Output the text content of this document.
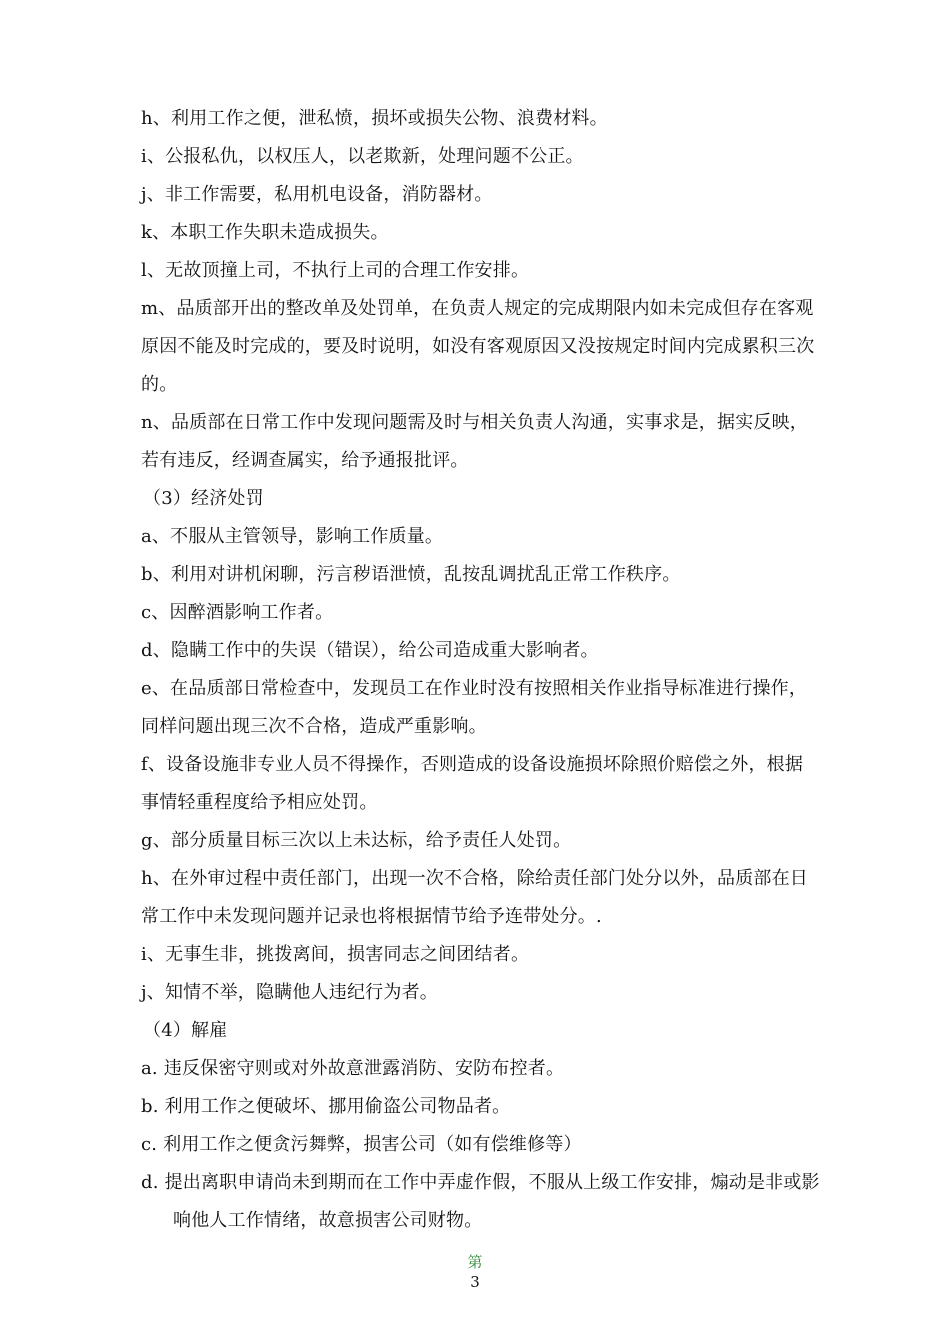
h、利用工作之便，泄私愤，损坏或损失公物、浪费材料。

i、公报私仇，以权压人，以老欺新，处理问题不公正。

j、非工作需要，私用机电设备，消防器材。

k、本职工作失职未造成损失。

l、无故顶撞上司，不执行上司的合理工作安排。

m、品质部开出的整改单及处罚单，在负责人规定的完成期限内如未完成但存在客观原因不能及时完成的，要及时说明，如没有客观原因又没按规定时间内完成累积三次的。

n、品质部在日常工作中发现问题需及时与相关负责人沟通，实事求是，据实反映，若有违反，经调查属实，给予通报批评。

（3）经济处罚

a、不服从主管领导，影响工作质量。

b、利用对讲机闲聊，污言秽语泄愤，乱按乱调扰乱正常工作秩序。

c、因醉酒影响工作者。

d、隐瞒工作中的失误（错误），给公司造成重大影响者。

e、在品质部日常检查中，发现员工在作业时没有按照相关作业指导标准进行操作，同样问题出现三次不合格，造成严重影响。

f、设备设施非专业人员不得操作，否则造成的设备设施损坏除照价赔偿之外，根据事情轻重程度给予相应处罚。

g、部分质量目标三次以上未达标，给予责任人处罚。

h、在外审过程中责任部门，出现一次不合格，除给责任部门处分以外，品质部在日常工作中未发现问题并记录也将根据情节给予连带处分。.

i、无事生非，挑拨离间，损害同志之间团结者。

j、知情不举，隐瞒他人违纪行为者。

（4）解雇

a. 违反保密守则或对外故意泄露消防、安防布控者。

b. 利用工作之便破坏、挪用偷盗公司物品者。

c. 利用工作之便贪污舞弊，损害公司（如有偿维修等）

d. 提出离职申请尚未到期而在工作中弄虚作假，不服从上级工作安排，煽动是非或影响他人工作情绪，故意损害公司财物。

第
3
